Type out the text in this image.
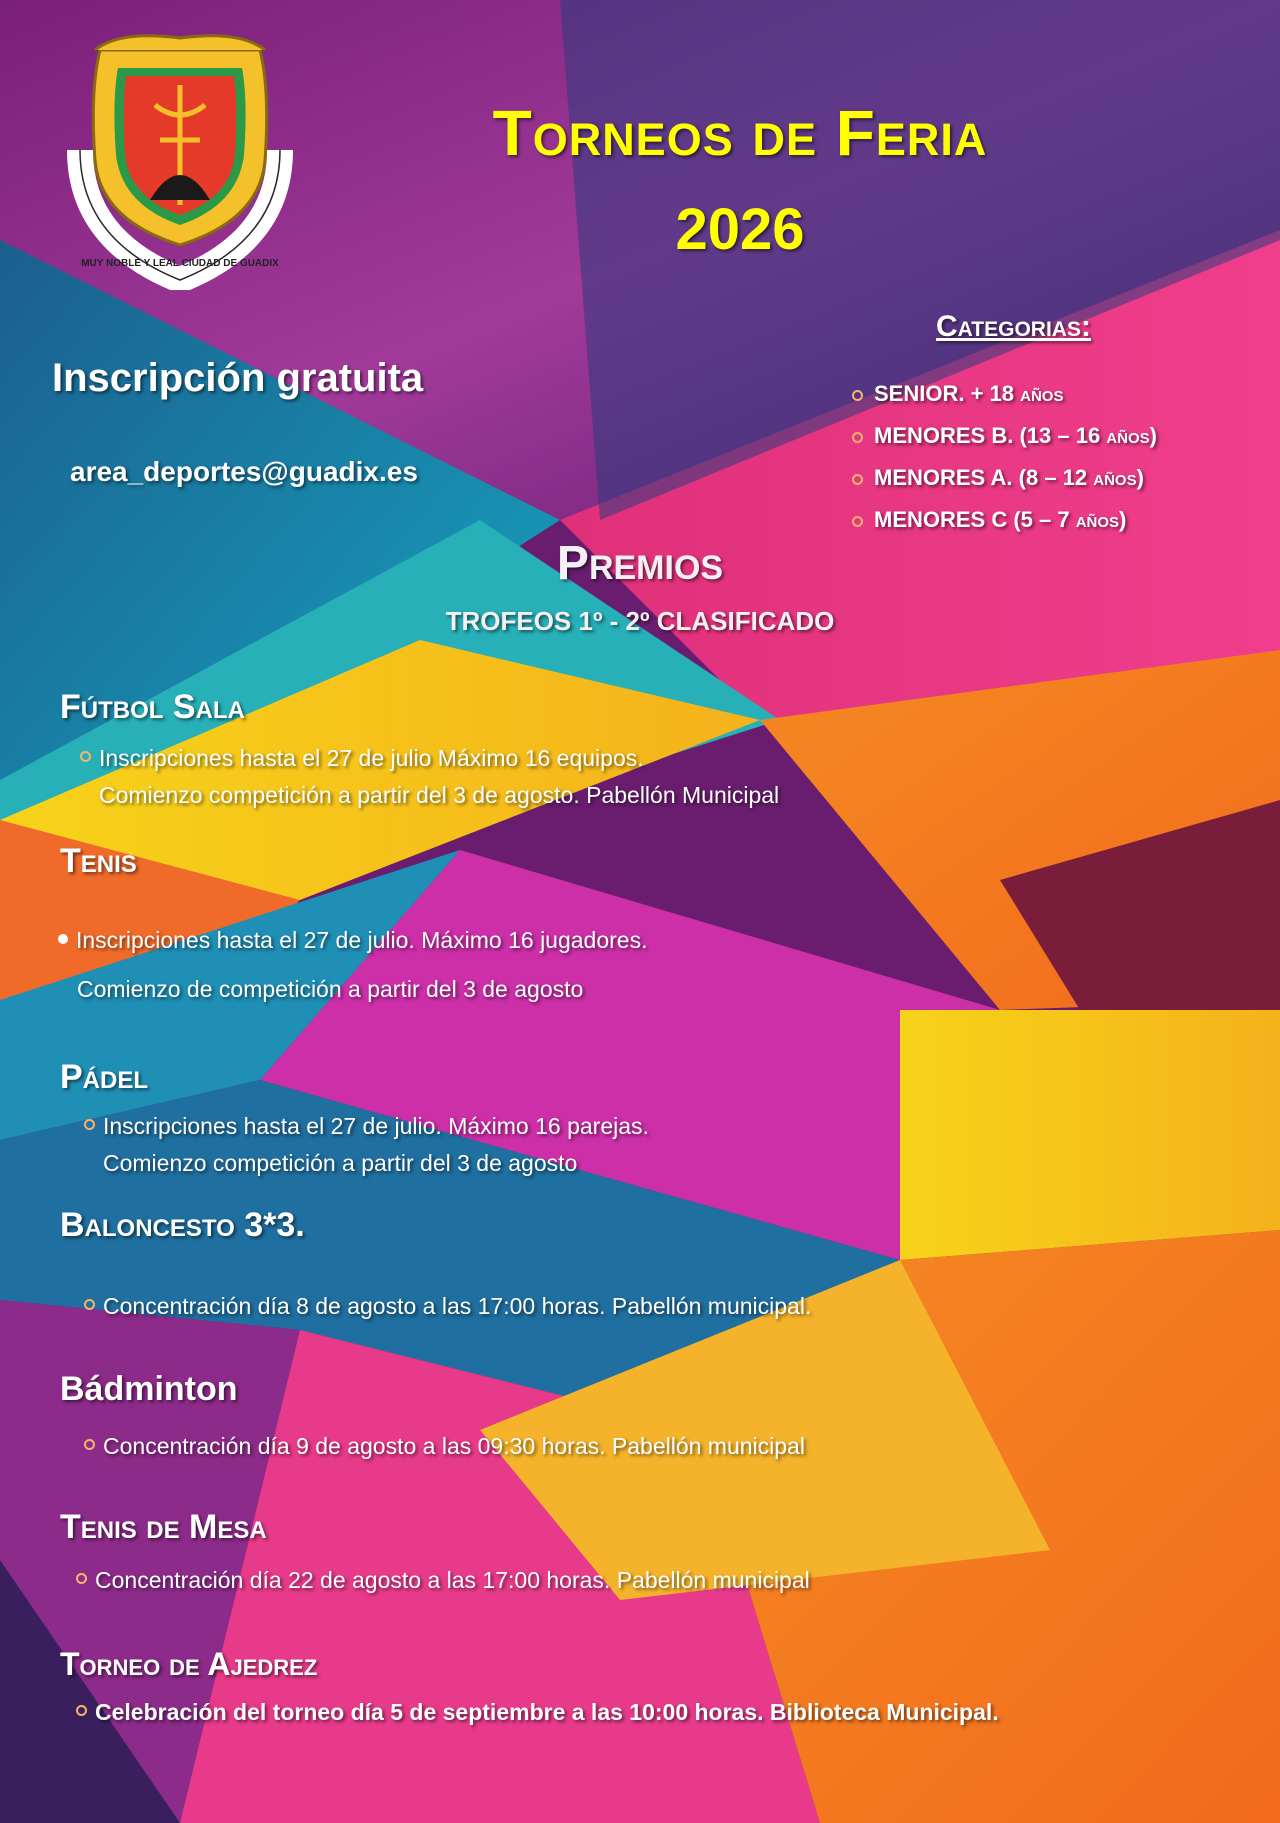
MUY NOBLE Y LEAL CIUDAD DE GUADIX
Torneos de Feria
2026
Inscripción gratuita
area_deportes@guadix.es
Categorias:
SENIOR. + 18 años
MENORES B. (13 – 16 años)
MENORES A. (8 – 12 años)
MENORES C (5 – 7 años)
Premios
TROFEOS 1º - 2º CLASIFICADO
Fútbol Sala
Inscripciones hasta el 27 de julio Máximo 16 equipos.
Comienzo competición a partir del 3 de agosto. Pabellón Municipal
Tenis
Inscripciones hasta el 27 de julio. Máximo 16 jugadores.
Comienzo de competición a partir del 3 de agosto
Pádel
Inscripciones hasta el 27 de julio. Máximo 16 parejas.
Comienzo competición a partir del 3 de agosto
Baloncesto 3*3.
Concentración día 8 de agosto a las 17:00 horas. Pabellón municipal.
Bádminton
Concentración día 9 de agosto a las 09:30 horas. Pabellón municipal
Tenis de Mesa
Concentración día 22 de agosto a las 17:00 horas. Pabellón municipal
Torneo de Ajedrez
Celebración del torneo día 5 de septiembre a las 10:00 horas. Biblioteca Municipal.
